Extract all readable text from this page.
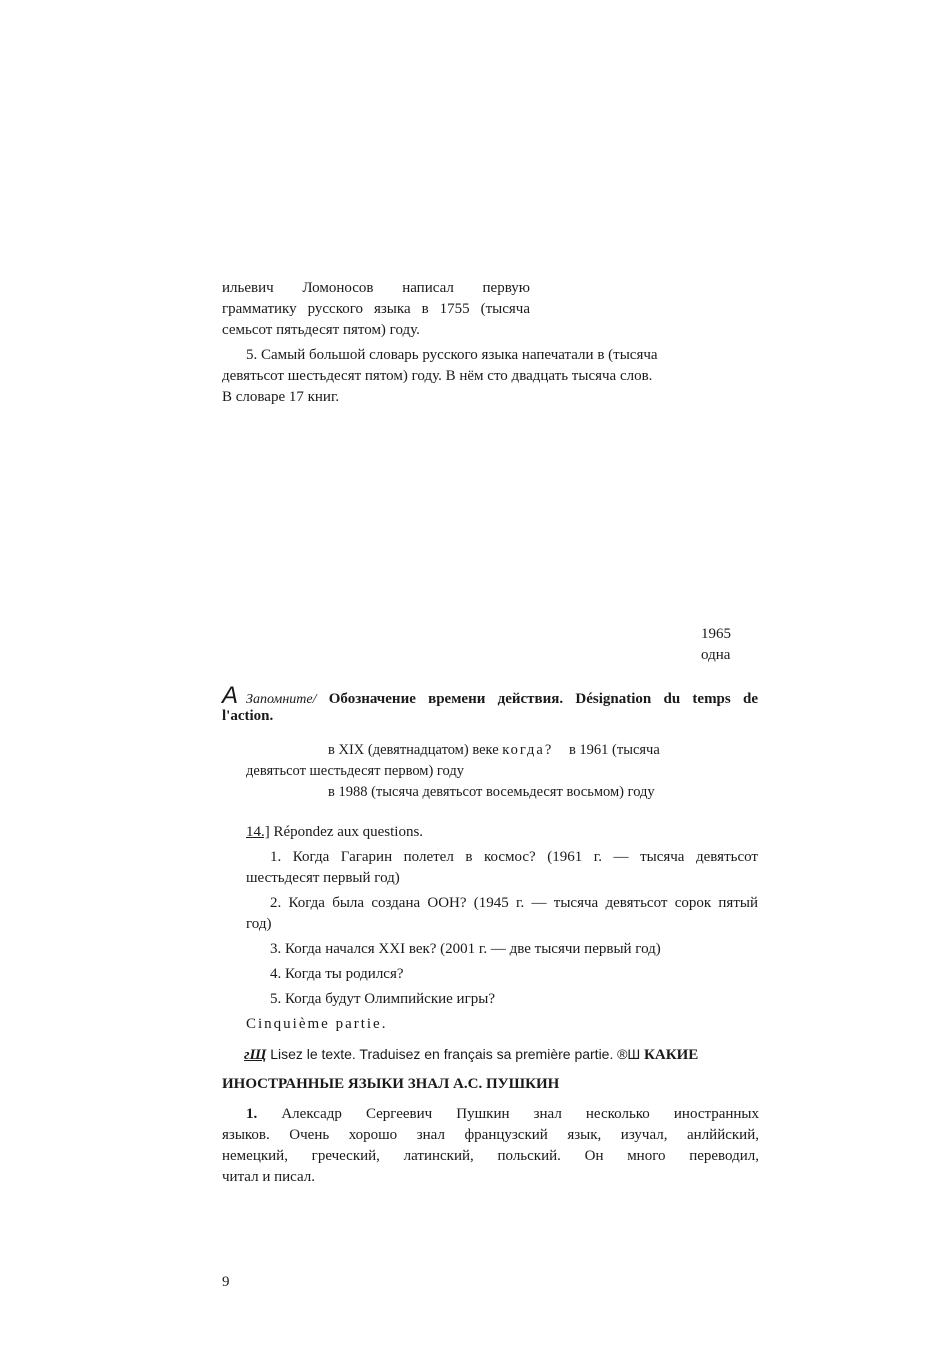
ильевич Ломоносов написал первую
грамматику русского языка в 1755 (тысяча
семьсот пятьдесят пятом) году.
5. Самый большой словарь русского языка напечатали в (тысяча
девятьсот шестьдесят пятом) году. В нём сто двадцать тысяча слов.
В словаре 17 книг.
1965
одна
A Запомните/ Обозначение времени действия. Désignation du temps de
l'action.
в XIX (девятнадцатом) веке когда? в 1961 (тысяча
девятьсот шестьдесят первом) году
в 1988 (тысяча девятьсот восемьдесят восьмом) году
14.] Répondez aux questions.
1. Когда Гагарин полетел в космос? (1961 г. — тысяча девятьсот
шестьдесят первый год)
2. Когда была создана ООН? (1945 г. — тысяча девятьсот сорок пятый
год)
3. Когда начался XXI век? (2001 г. — две тысячи первый год)
4. Когда ты родился?
5. Когда будут Олимпийские игры?
Cinquième partie.
гЩ Lisez le texte. Traduisez en français sa première partie. ®Ш КАКИЕ
ИНОСТРАННЫЕ ЯЗЫКИ ЗНАЛ А.С. ПУШКИН
1. Алексадр Сергеевич Пушкин знал несколько иностранных
языков. Очень хорошо знал французский язык, изучал, анлййский,
немецкий, греческий, латинский, польский. Он много переводил,
читал и писал.
9
